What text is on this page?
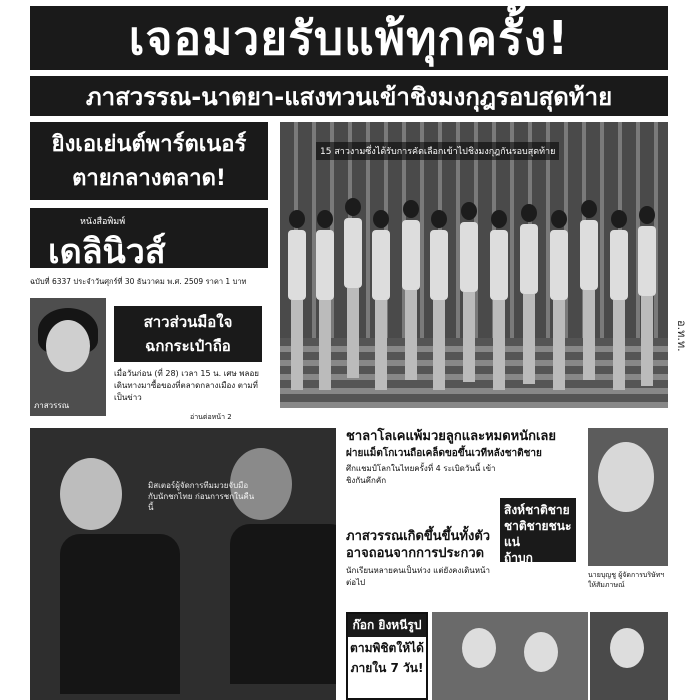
เจอมวยรับแพ้ทุกครั้ง!
ภาสวรรณ-นาตยา-แสงทวนเข้าชิงมงกุฎรอบสุดท้าย
ยิงเอเย่นต์พาร์ตเนอร์
ตายกลางตลาด!
15 สาวงามซึ่งได้รับการคัดเลือกเข้าไปชิงมงกุฎกันรอบสุดท้าย
อ.ท.ท.
หนังสือพิมพ์
เดลินิวส์
ฉบับที่ 6337 ประจำวันศุกร์ที่ 30 ธันวาคม พ.ศ. 2509 ราคา 1 บาท
ภาสวรรณ
สาวส่วนมือใจ
ฉกกระเป๋าถือ
เมื่อวันก่อน (ที่ 28) เวลา 15 น. เศษ พลอยเดินทางมาซื้อของที่ตลาดกลางเมือง ตามที่เป็นข่าว
อ่านต่อหน้า 2
มิสเตอร์ผู้จัดการทีมมวยจับมือกับนักชกไทย ก่อนการชกในคืนนี้
ชาลาโลเคแพ้มวยลูกและหมดหนักเลย
ผ่ายแม็ตโกเวนถือเคล็ดขอขึ้นเวทีหลังชาติชาย
ศึกแชมป์โลกในไทยครั้งที่ 4 ระเบิดวันนี้ เข้าชิงกันคึกคัก
สิงห์ชาติชาย
ชาติชายชนะแน่
ถ้าบุกทะลวง!
ภาสวรรณเกิดขึ้นขึ้นทั้งตัว อาจถอนจากการประกวด
นักเรียนหลายคนเป็นห่วง แต่ยังคงเดินหน้าต่อไป
นายบุญชู ผู้จัดการบริษัทฯ ให้สัมภาษณ์
ก๊อก ยิงหนีรูป
ตามพิชิตให้ได้
ภายใน 7 วัน!
